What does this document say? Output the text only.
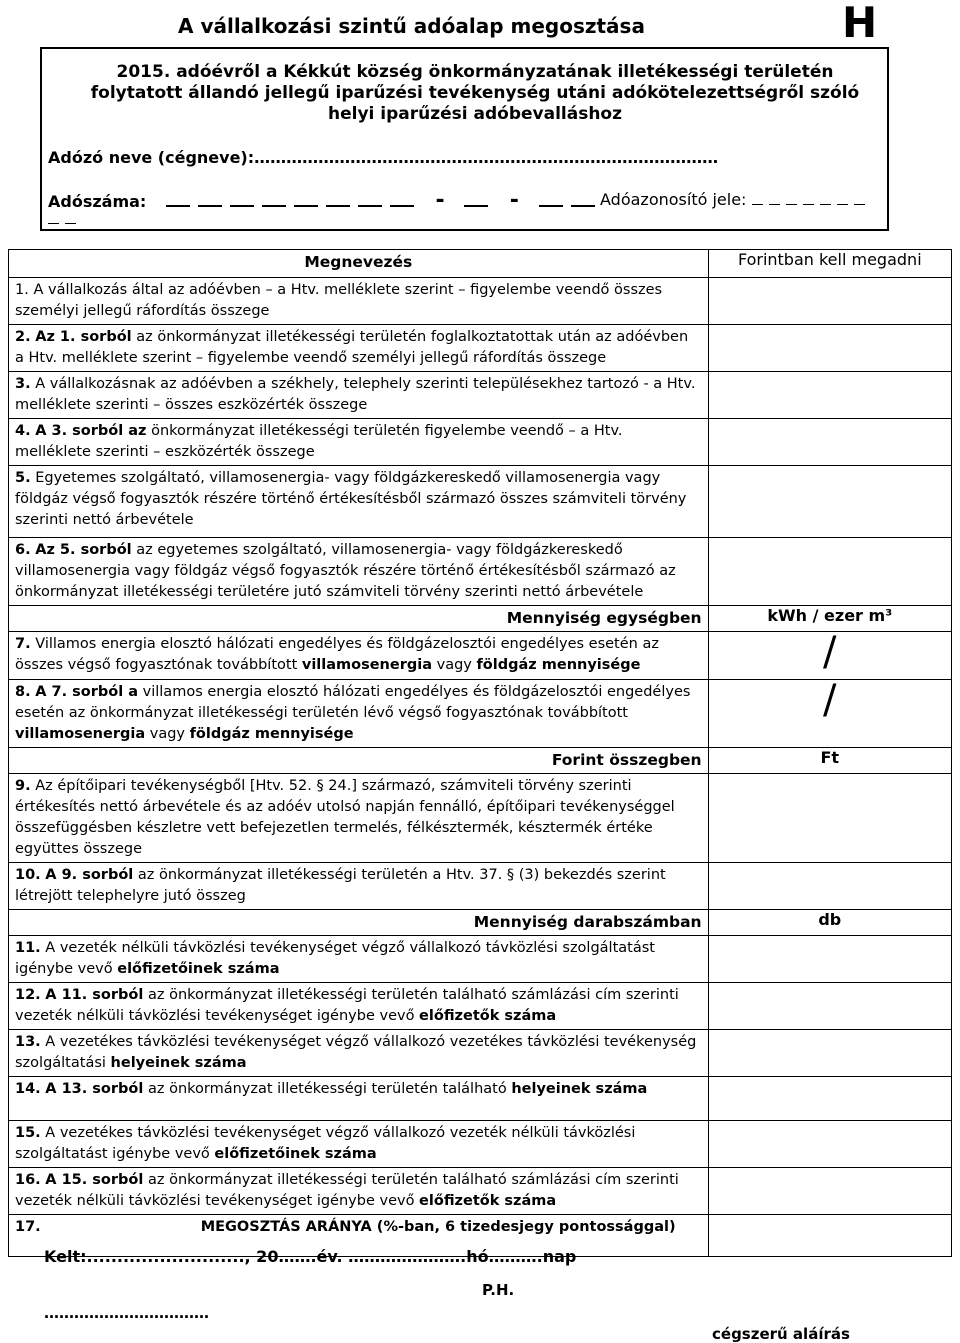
A vállalkozási szintű adóalap megosztása	H
2015. adóévről a Kékkút község önkormányzatának illetékességi területén folytatott állandó jellegű iparűzési tevékenység utáni adókötelezettségről szóló helyi iparűzési adóbevalláshoz
Adózó neve (cégneve):……………………………………………………………………………
Adószáma:	-	-	Adóazonosító jele:
Megnevezés	Forintban kell megadni
1. A vállalkozás által az adóévben – a Htv. melléklete szerint – figyelembe veendő összes személyi jellegű ráfordítás összege	
2. Az 1. sorból az önkormányzat illetékességi területén foglalkoztatottak után az adóévben a Htv. melléklete szerint – figyelembe veendő személyi jellegű ráfordítás összege	
3. A vállalkozásnak az adóévben a székhely, telephely szerinti településekhez tartozó - a Htv. melléklete szerinti – összes eszközérték összege	
4. A 3. sorból az önkormányzat illetékességi területén figyelembe veendő – a Htv. melléklete szerinti – eszközérték összege	
5. Egyetemes szolgáltató, villamosenergia- vagy földgázkereskedő villamosenergia vagy földgáz végső fogyasztók részére történő értékesítésből származó összes számviteli törvény szerinti nettó árbevétele	
6. Az 5. sorból az egyetemes szolgáltató, villamosenergia- vagy földgázkereskedő villamosenergia vagy földgáz végső fogyasztók részére történő értékesítésből származó az önkormányzat illetékességi területére jutó számviteli törvény szerinti nettó árbevétele	
Mennyiség egységben	kWh / ezer m³
7. Villamos energia elosztó hálózati engedélyes és földgázelosztói engedélyes esetén az összes végső fogyasztónak továbbított villamosenergia vagy földgáz mennyisége	/
8. A 7. sorból a villamos energia elosztó hálózati engedélyes és földgázelosztói engedélyes esetén az önkormányzat illetékességi területén lévő végső fogyasztónak továbbított villamosenergia vagy földgáz mennyisége	/
Forint összegben	Ft
9. Az építőipari tevékenységből [Htv. 52. § 24.] származó, számviteli törvény szerinti értékesítés nettó árbevétele és az adóév utolsó napján fennálló, építőipari tevékenységgel összefüggésben készletre vett befejezetlen termelés, félkésztermék, késztermék értéke együttes összege	
10. A 9. sorból az önkormányzat illetékességi területén a Htv. 37. § (3) bekezdés szerint létrejött telephelyre jutó összeg	
Mennyiség darabszámban	db
11. A vezeték nélküli távközlési tevékenységet végző vállalkozó távközlési szolgáltatást igénybe vevő előfizetőinek száma	
12. A 11. sorból az önkormányzat illetékességi területén található számlázási cím szerinti vezeték nélküli távközlési tevékenységet igénybe vevő előfizetők száma	
13. A vezetékes távközlési tevékenységet végző vállalkozó vezetékes távközlési tevékenység szolgáltatási helyeinek száma	
14. A 13. sorból az önkormányzat illetékességi területén található helyeinek száma	
15. A vezetékes távközlési tevékenységet végző vállalkozó vezeték nélküli távközlési szolgáltatást igénybe vevő előfizetőinek száma	
16. A 15. sorból az önkormányzat illetékességi területén található számlázási cím szerinti vezeték nélküli távközlési tevékenységet igénybe vevő előfizetők száma	
17. MEGOSZTÁS ARÁNYA (%-ban, 6 tizedesjegy pontossággal)	
Kelt:.........................., 20…….év. ………………….hó……….nap
P.H.
……………………………
cégszerű aláírás
